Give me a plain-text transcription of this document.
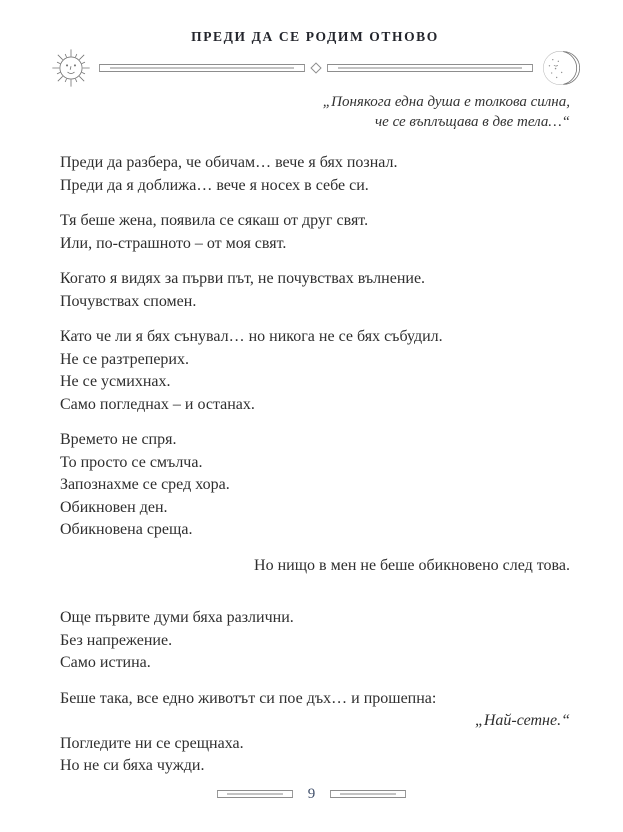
ПРЕДИ ДА СЕ РОДИМ ОТНОВО
„Понякога една душа е толкова силна,
че се въплъщава в две тела…“

Преди да разбера, че обичам… вече я бях познал.
Преди да я доближа… вече я носех в себе си.

Тя беше жена, появила се сякаш от друг свят.
Или, по-страшното – от моя свят.

Когато я видях за първи път, не почувствах вълнение.
Почувствах спомен.

Като че ли я бях сънувал… но никога не се бях събудил.
Не се разтреперих.
Не се усмихнах.
Само погледнах – и останах.

Времето не спря.
То просто се смълча.
Запознахме се сред хора.
Обикновен ден.
Обикновена среща.

Но нищо в мен не беше обикновено след това.

Още първите думи бяха различни.
Без напрежение.
Само истина.

Беше така, все едно животът си пое дъх… и прошепна:
„Най-сетне.“
Погледите ни се срещнаха.
Но не си бяха чужди.

9
